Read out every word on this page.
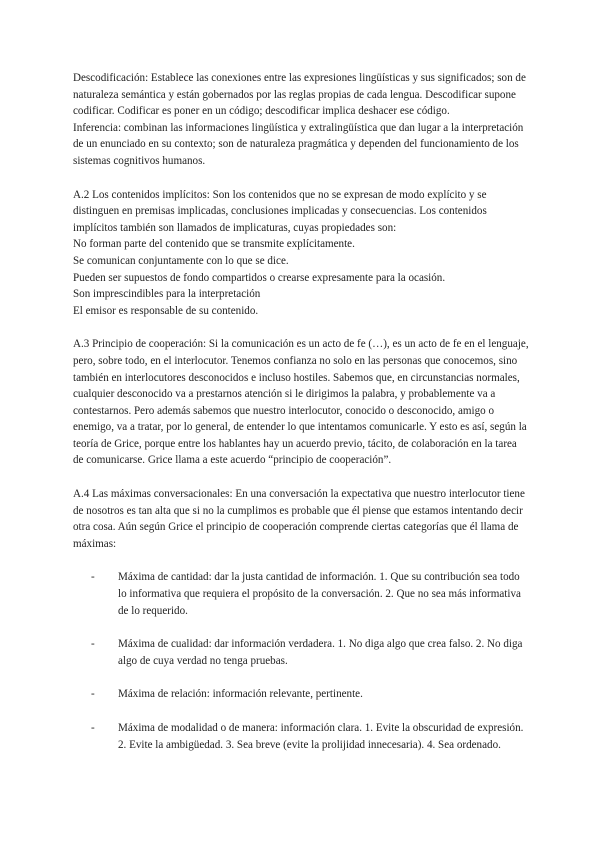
Descodificación: Establece las conexiones entre las expresiones lingüísticas y sus significados; son de naturaleza semántica y están gobernados por las reglas propias de cada lengua. Descodificar supone codificar. Codificar es poner en un código; descodificar implica deshacer ese código.

Inferencia: combinan las informaciones lingüística y extralingüística que dan lugar a la interpretación de un enunciado en su contexto; son de naturaleza pragmática y dependen del funcionamiento de los sistemas cognitivos humanos.

A.2 Los contenidos implícitos: Son los contenidos que no se expresan de modo explícito y se distinguen en premisas implicadas, conclusiones implicadas y consecuencias. Los contenidos implícitos también son llamados de implicaturas, cuyas propiedades son:

No forman parte del contenido que se transmite explícitamente.

Se comunican conjuntamente con lo que se dice.

Pueden ser supuestos de fondo compartidos o crearse expresamente para la ocasión.

Son imprescindibles para la interpretación

El emisor es responsable de su contenido.

A.3 Principio de cooperación: Si la comunicación es un acto de fe (…), es un acto de fe en el lenguaje, pero, sobre todo, en el interlocutor. Tenemos confianza no solo en las personas que conocemos, sino también en interlocutores desconocidos e incluso hostiles. Sabemos que, en circunstancias normales, cualquier desconocido va a prestarnos atención si le dirigimos la palabra, y probablemente va a contestarnos. Pero además sabemos que nuestro interlocutor, conocido o desconocido, amigo o enemigo, va a tratar, por lo general, de entender lo que intentamos comunicarle. Y esto es así, según la teoría de Grice, porque entre los hablantes hay un acuerdo previo, tácito, de colaboración en la tarea de comunicarse. Grice llama a este acuerdo “principio de cooperación”.

A.4 Las máximas conversacionales: En una conversación la expectativa que nuestro interlocutor tiene de nosotros es tan alta que si no la cumplimos es probable que él piense que estamos intentando decir otra cosa. Aún según Grice el principio de cooperación comprende ciertas categorías que él llama de máximas:

- Máxima de cantidad: dar la justa cantidad de información. 1. Que su contribución sea todo lo informativa que requiera el propósito de la conversación. 2. Que no sea más informativa de lo requerido.
- Máxima de cualidad: dar información verdadera. 1. No diga algo que crea falso. 2. No diga algo de cuya verdad no tenga pruebas.
- Máxima de relación: información relevante, pertinente.
- Máxima de modalidad o de manera: información clara. 1. Evite la obscuridad de expresión. 2. Evite la ambigüedad. 3. Sea breve (evite la prolijidad innecesaria). 4. Sea ordenado.
